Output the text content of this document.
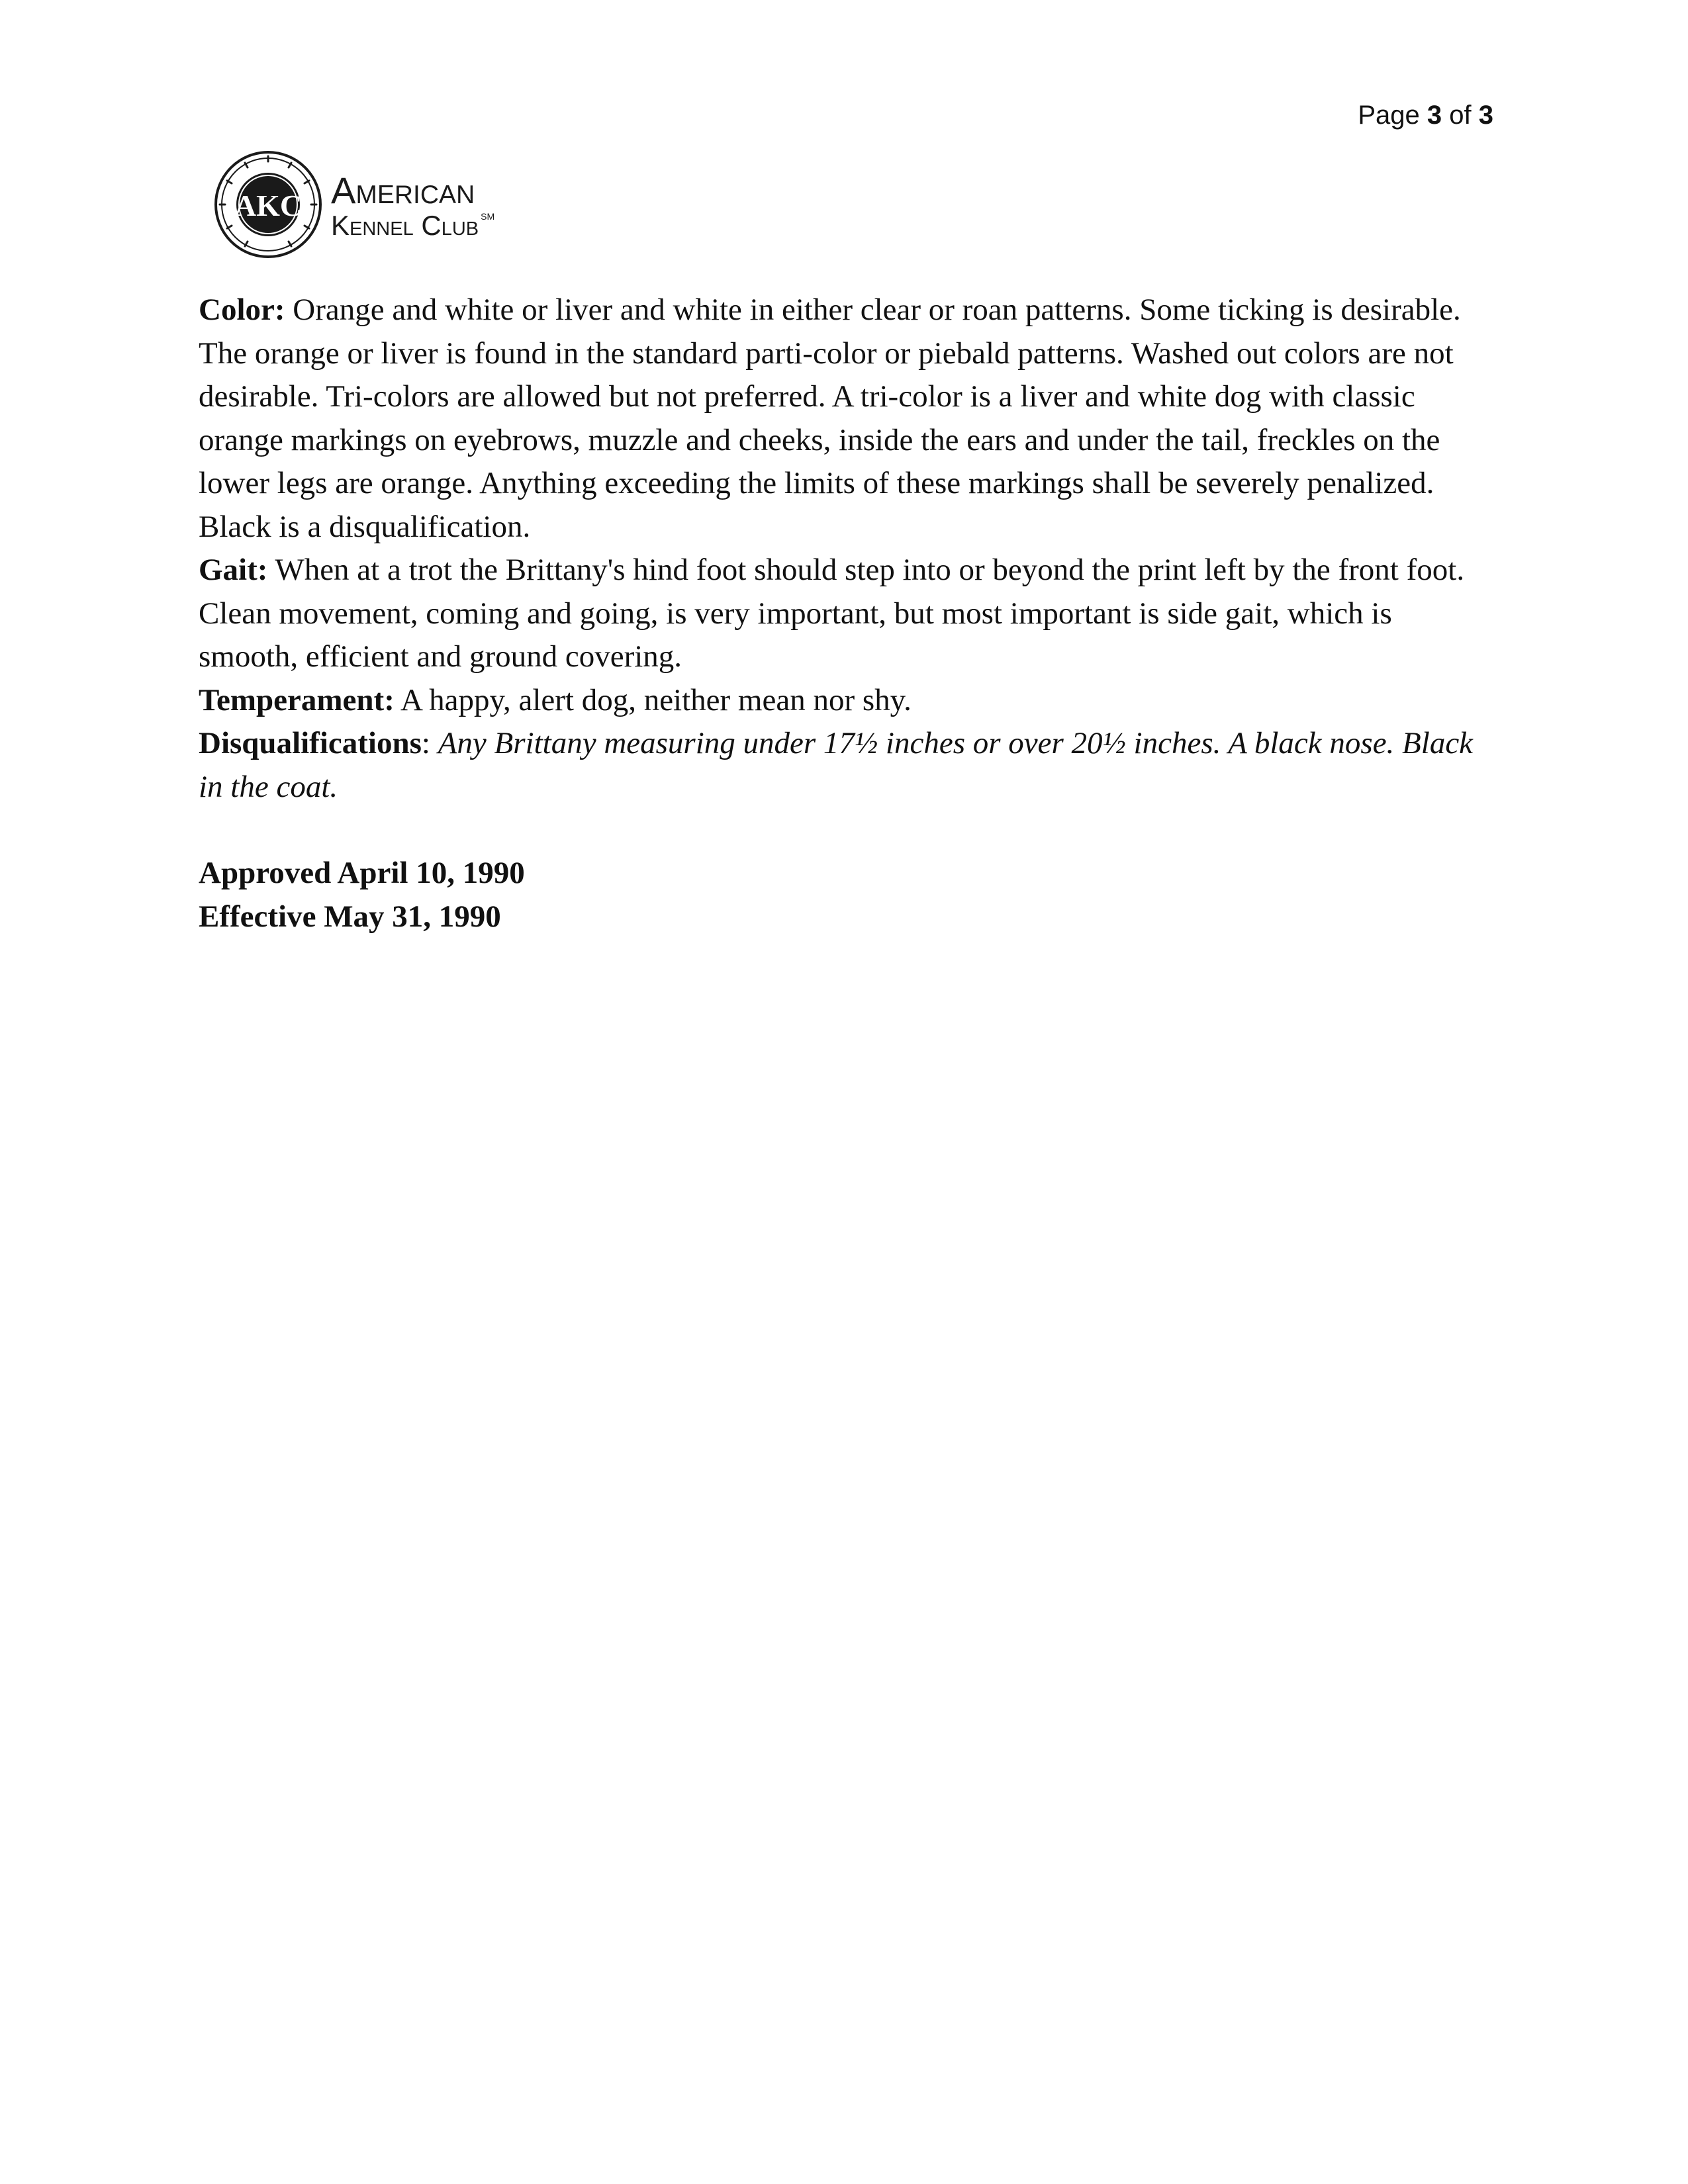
Page 3 of 3
AKC American
Kennel Club ℠

Color: Orange and white or liver and white in either clear or roan patterns. Some ticking is desirable. The orange or liver is found in the standard parti-color or piebald patterns. Washed out colors are not desirable. Tri-colors are allowed but not preferred. A tri-color is a liver and white dog with classic orange markings on eyebrows, muzzle and cheeks, inside the ears and under the tail, freckles on the lower legs are orange. Anything exceeding the limits of these markings shall be severely penalized. Black is a disqualification.

Gait: When at a trot the Brittany's hind foot should step into or beyond the print left by the front foot. Clean movement, coming and going, is very important, but most important is side gait, which is smooth, efficient and ground covering.

Temperament: A happy, alert dog, neither mean nor shy.

Disqualifications: Any Brittany measuring under 17½ inches or over 20½ inches. A black nose. Black in the coat.

Approved April 10, 1990
Effective May 31, 1990
